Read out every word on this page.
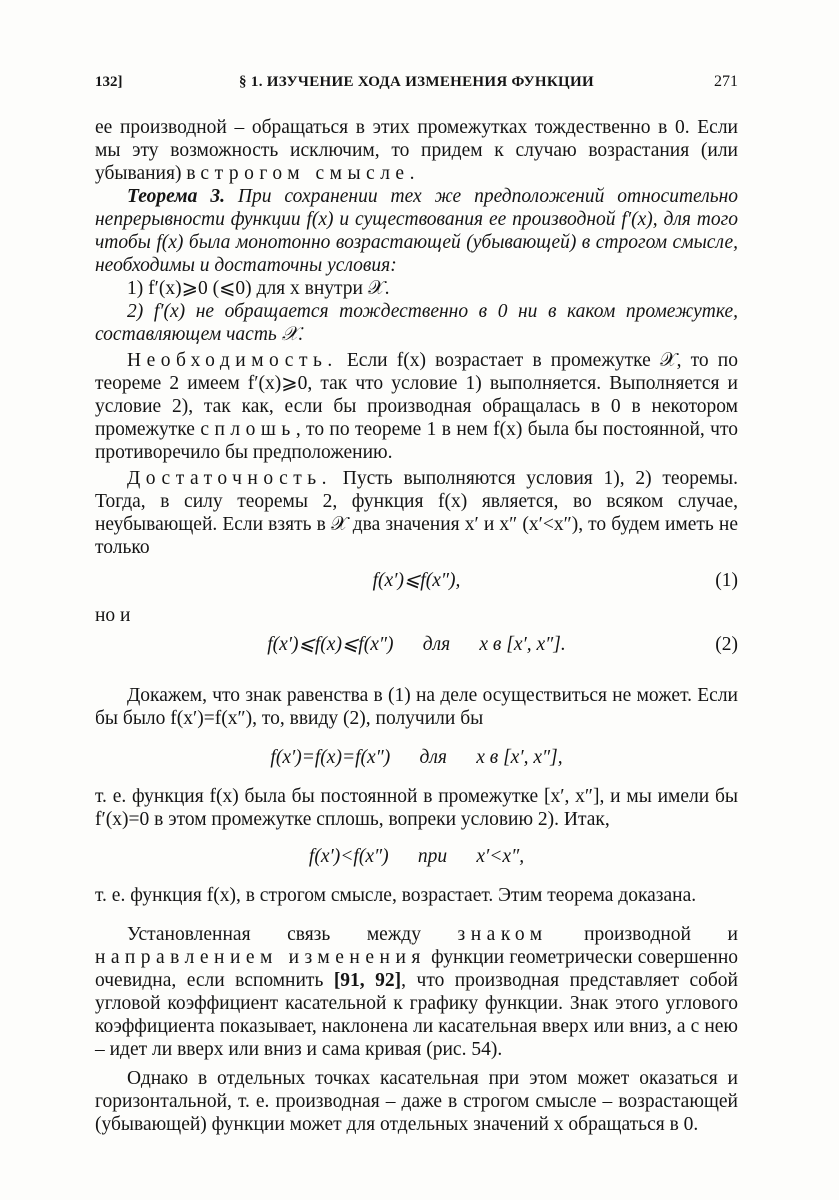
132]	§ 1. ИЗУЧЕНИЕ ХОДА ИЗМЕНЕНИЯ ФУНКЦИИ	271

ее производной – обращаться в этих промежутках тождественно в 0. Если мы эту возможность исключим, то придем к случаю возрастания (или убывания) в строгом смысле.

Теорема 3. При сохранении тех же предположений относительно непрерывности функции f(x) и существования ее производной f′(x), для того чтобы f(x) была монотонно возрастающей (убывающей) в строгом смысле, необходимы и достаточны условия:

1) f′(x)⩾0 (⩽0) для x внутри 𝒳.

2) f′(x) не обращается тождественно в 0 ни в каком промежутке, составляющем часть 𝒳.

Необходимость. Если f(x) возрастает в промежутке 𝒳, то по теореме 2 имеем f′(x)⩾0, так что условие 1) выполняется. Выполняется и условие 2), так как, если бы производная обращалась в 0 в некотором промежутке сплошь, то по теореме 1 в нем f(x) была бы постоянной, что противоречило бы предположению.

Достаточность. Пусть выполняются условия 1), 2) теоремы. Тогда, в силу теоремы 2, функция f(x) является, во всяком случае, неубывающей. Если взять в 𝒳 два значения x′ и x″ (x′<x″), то будем иметь не только

f(x′)⩽f(x″),	(1)

но и

f(x′)⩽f(x)⩽f(x″)      для      x в [x′, x″].	(2)

Докажем, что знак равенства в (1) на деле осуществиться не может. Если бы было f(x′)=f(x″), то, ввиду (2), получили бы

f(x′)=f(x)=f(x″)      для      x в [x′, x″],

т. е. функция f(x) была бы постоянной в промежутке [x′, x″], и мы имели бы f′(x)=0 в этом промежутке сплошь, вопреки условию 2). Итак,

f(x′)<f(x″)      при      x′<x″,

т. е. функция f(x), в строгом смысле, возрастает. Этим теорема доказана.

Установленная связь между знаком производной и направлением изменения функции геометрически совершенно очевидна, если вспомнить [91, 92], что производная представляет собой угловой коэффициент касательной к графику функции. Знак этого углового коэффициента показывает, наклонена ли касательная вверх или вниз, а с нею – идет ли вверх или вниз и сама кривая (рис. 54).

Однако в отдельных точках касательная при этом может оказаться и горизонтальной, т. е. производная – даже в строгом смысле – возрастающей (убывающей) функции может для отдельных значений x обращаться в 0.
